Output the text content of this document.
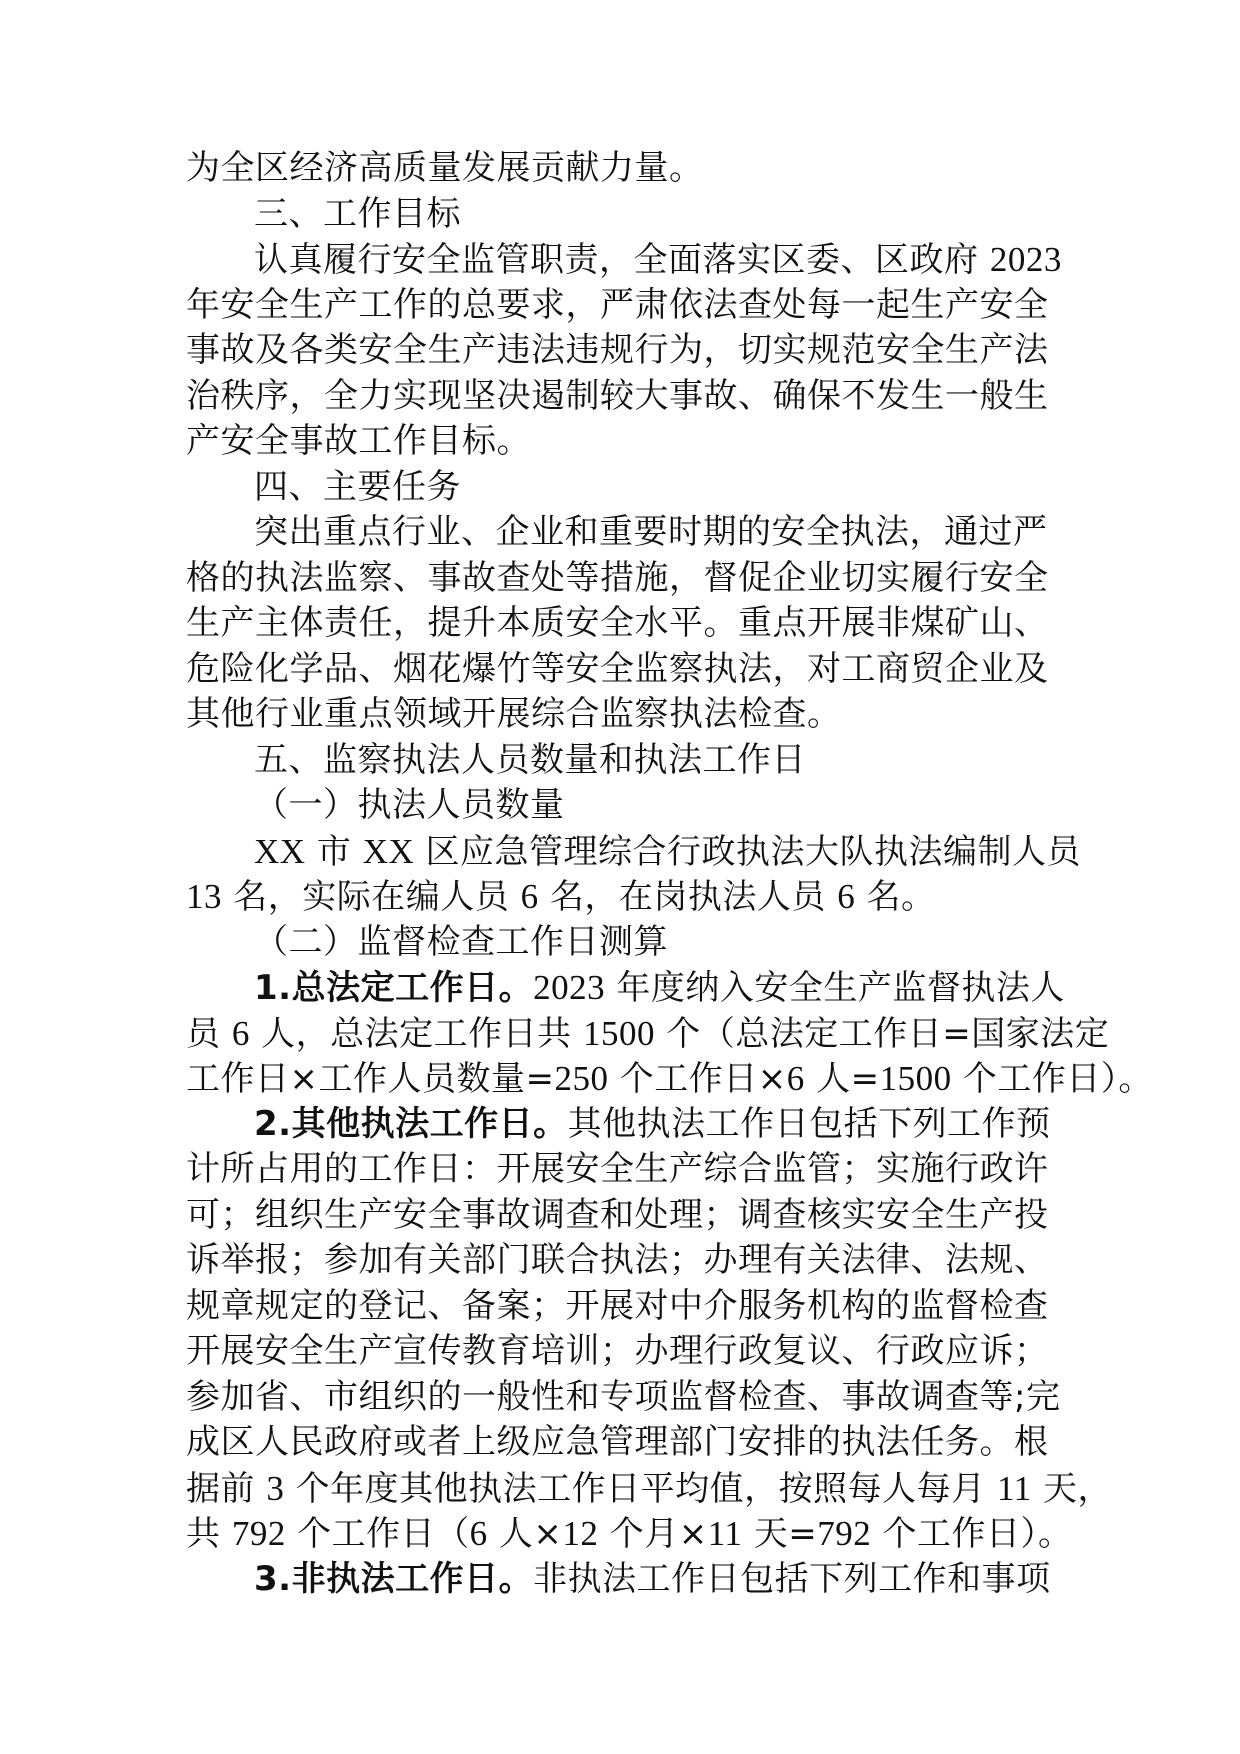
为全区经济高质量发展贡献力量。

三、工作目标

认真履行安全监管职责，全面落实区委、区政府 2023

年安全生产工作的总要求，严肃依法查处每一起生产安全

事故及各类安全生产违法违规行为，切实规范安全生产法

治秩序，全力实现坚决遏制较大事故、确保不发生一般生

产安全事故工作目标。

四、主要任务

突出重点行业、企业和重要时期的安全执法，通过严

格的执法监察、事故查处等措施，督促企业切实履行安全

生产主体责任，提升本质安全水平。重点开展非煤矿山、

危险化学品、烟花爆竹等安全监察执法，对工商贸企业及

其他行业重点领域开展综合监察执法检查。

五、监察执法人员数量和执法工作日

（一）执法人员数量

XX 市 XX 区应急管理综合行政执法大队执法编制人员

13 名，实际在编人员 6 名，在岗执法人员 6 名。

（二）监督检查工作日测算

1.总法定工作日。2023 年度纳入安全生产监督执法人

员 6 人，总法定工作日共 1500 个（总法定工作日=国家法定

工作日×工作人员数量=250 个工作日×6 人=1500 个工作日）。

2.其他执法工作日。其他执法工作日包括下列工作预

计所占用的工作日：开展安全生产综合监管；实施行政许

可；组织生产安全事故调查和处理；调查核实安全生产投

诉举报；参加有关部门联合执法；办理有关法律、法规、

规章规定的登记、备案；开展对中介服务机构的监督检查

开展安全生产宣传教育培训；办理行政复议、行政应诉；

参加省、市组织的一般性和专项监督检查、事故调查等;完

成区人民政府或者上级应急管理部门安排的执法任务。根

据前 3 个年度其他执法工作日平均值，按照每人每月 11 天，

共 792 个工作日（6 人×12 个月×11 天=792 个工作日）。

3.非执法工作日。非执法工作日包括下列工作和事项
